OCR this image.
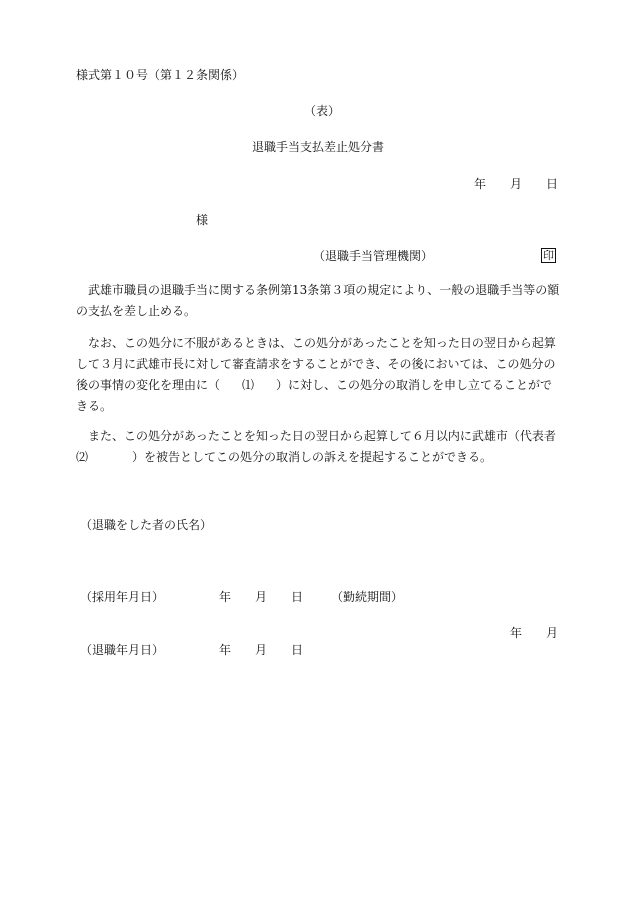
様式第１０号（第１２条関係）
（表）
退職手当支払差止処分書
年 月 日
様
（退職手当管理機関）	印

武雄市職員の退職手当に関する条例第13条第３項の規定により、一般の退職手当等の額の支払を差し止める。

なお、この処分に不服があるときは、この処分があったことを知った日の翌日から起算して３月に武雄市長に対して審査請求をすることができ、その後においては、この処分の後の事情の変化を理由に（ ⑴ ）に対し、この処分の取消しを申し立てることができる。

また、この処分があったことを知った日の翌日から起算して６月以内に武雄市（代表者⑵	）を被告としてこの処分の取消しの訴えを提起することができる。

（退職をした者の氏名）
（採用年月日）	年 月 日 （勤続期間）
年 月
（退職年月日）	年 月 日
